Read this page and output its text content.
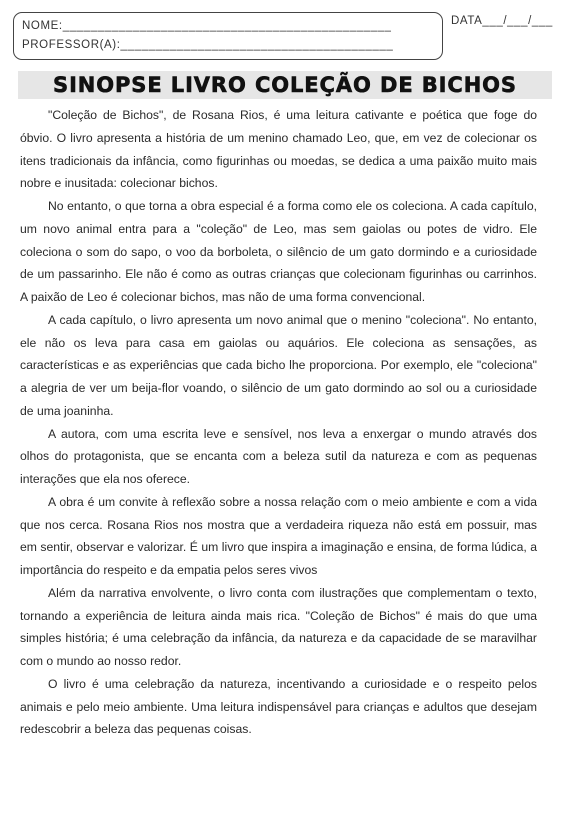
NOME:_______________________________________________
PROFESSOR(A):_______________________________________
DATA___/___/___
SINOPSE LIVRO COLEÇÃO DE BICHOS

"Coleção de Bichos", de Rosana Rios, é uma leitura cativante e poética que foge do óbvio. O livro apresenta a história de um menino chamado Leo, que, em vez de colecionar os itens tradicionais da infância, como figurinhas ou moedas, se dedica a uma paixão muito mais nobre e inusitada: colecionar bichos.

No entanto, o que torna a obra especial é a forma como ele os coleciona. A cada capítulo, um novo animal entra para a "coleção" de Leo, mas sem gaiolas ou potes de vidro. Ele coleciona o som do sapo, o voo da borboleta, o silêncio de um gato dormindo e a curiosidade de um passarinho. Ele não é como as outras crianças que colecionam figurinhas ou carrinhos. A paixão de Leo é colecionar bichos, mas não de uma forma convencional.

A cada capítulo, o livro apresenta um novo animal que o menino "coleciona". No entanto, ele não os leva para casa em gaiolas ou aquários. Ele coleciona as sensações, as características e as experiências que cada bicho lhe proporciona. Por exemplo, ele "coleciona" a alegria de ver um beija-flor voando, o silêncio de um gato dormindo ao sol ou a curiosidade de uma joaninha.

A autora, com uma escrita leve e sensível, nos leva a enxergar o mundo através dos olhos do protagonista, que se encanta com a beleza sutil da natureza e com as pequenas interações que ela nos oferece.

A obra é um convite à reflexão sobre a nossa relação com o meio ambiente e com a vida que nos cerca. Rosana Rios nos mostra que a verdadeira riqueza não está em possuir, mas em sentir, observar e valorizar. É um livro que inspira a imaginação e ensina, de forma lúdica, a importância do respeito e da empatia pelos seres vivos

Além da narrativa envolvente, o livro conta com ilustrações que complementam o texto, tornando a experiência de leitura ainda mais rica. "Coleção de Bichos" é mais do que uma simples história; é uma celebração da infância, da natureza e da capacidade de se maravilhar com o mundo ao nosso redor.

O livro é uma celebração da natureza, incentivando a curiosidade e o respeito pelos animais e pelo meio ambiente. Uma leitura indispensável para crianças e adultos que desejam redescobrir a beleza das pequenas coisas.
